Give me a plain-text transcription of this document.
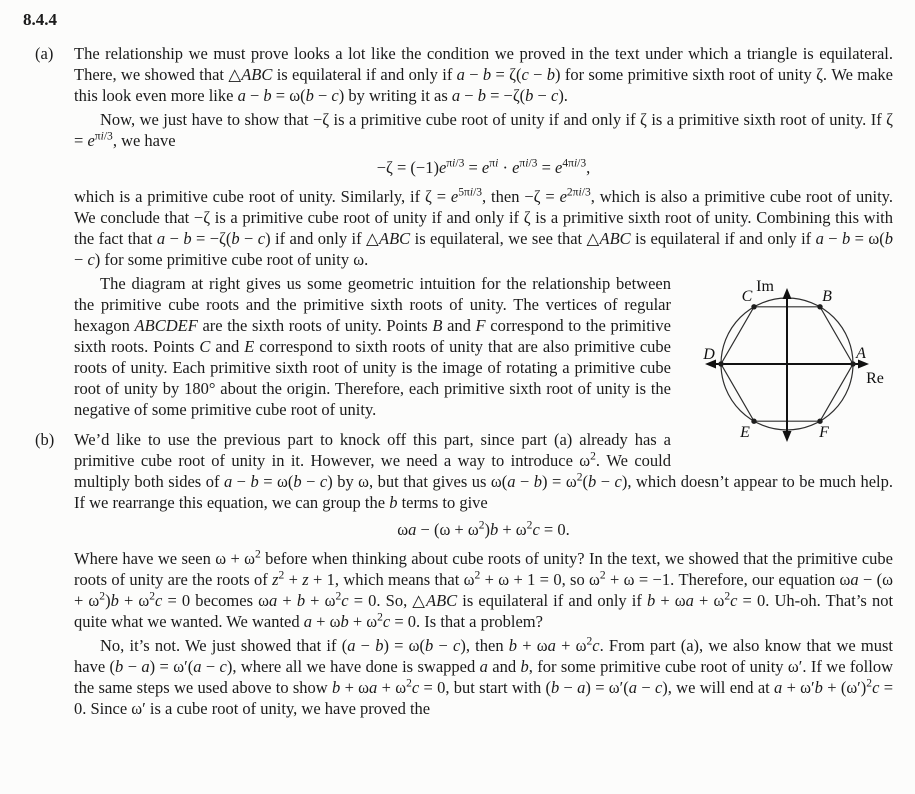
8.4.4
(a) The relationship we must prove looks a lot like the condition we proved in the text under which a triangle is equilateral. There, we showed that △ABC is equilateral if and only if a − b = ζ(c − b) for some primitive sixth root of unity ζ. We make this look even more like a − b = ω(b − c) by writing it as a − b = −ζ(b − c).

Now, we just have to show that −ζ is a primitive cube root of unity if and only if ζ is a primitive sixth root of unity. If $\zeta = e^{\pi i/3}$, we have

$-\zeta = (-1)e^{\pi i/3} = e^{\pi i} \cdot e^{\pi i/3} = e^{4\pi i/3}$,

which is a primitive cube root of unity. Similarly, if $\zeta = e^{5\pi i/3}$, then $-\zeta = e^{2\pi i/3}$, which is also a primitive cube root of unity. We conclude that −ζ is a primitive cube root of unity if and only if ζ is a primitive sixth root of unity. Combining this with the fact that a − b = −ζ(b − c) if and only if △ABC is equilateral, we see that △ABC is equilateral if and only if a − b = ω(b − c) for some primitive cube root of unity ω.

Im
Re
A
B
C
D
E	F

The diagram at right gives us some geometric intuition for the relationship between the primitive cube roots and the primitive sixth roots of unity. The vertices of regular hexagon ABCDEF are the sixth roots of unity. Points B and F correspond to the primitive sixth roots. Points C and E correspond to sixth roots of unity that are also primitive cube roots of unity. Each primitive sixth root of unity is the image of rotating a primitive cube root of unity by 180° about the origin. Therefore, each primitive sixth root of unity is the negative of some primitive cube root of unity.

(b) We’d like to use the previous part to knock off this part, since part (a) already has a primitive cube root of unity in it. However, we need a way to introduce $\omega^2$. We could multiply both sides of a − b = ω(b − c) by ω, but that gives us $\omega(a - b) = \omega^2(b - c)$, which doesn’t appear to be much help. If we rearrange this equation, we can group the b terms to give

$\omega a - (\omega + \omega^2)b + \omega^2c = 0$.

Where have we seen $\omega + \omega^2$ before when thinking about cube roots of unity? In the text, we showed that the primitive cube roots of unity are the roots of $z^2 + z + 1$, which means that $\omega^2 + \omega + 1 = 0$, so $\omega^2 + \omega = -1$. Therefore, our equation $\omega a - (\omega + \omega^2)b + \omega^2c = 0$ becomes $\omega a + b + \omega^2c = 0$. So, △ABC is equilateral if and only if $b + \omega a + \omega^2c = 0$. Uh-oh. That’s not quite what we wanted. We wanted $a + \omega b + \omega^2c = 0$. Is that a problem?

No, it’s not. We just showed that if (a − b) = ω(b − c), then $b + \omega a + \omega^2c$. From part (a), we also know that we must have (b − a) = ω′(a − c), where all we have done is swapped a and b, for some primitive cube root of unity ω′. If we follow the same steps we used above to show $b + \omega a + \omega^2c = 0$, but start with (b − a) = ω′(a − c), we will end at $a + \omega'b + (\omega')^2c = 0$. Since ω′ is a cube root of unity, we have proved the
